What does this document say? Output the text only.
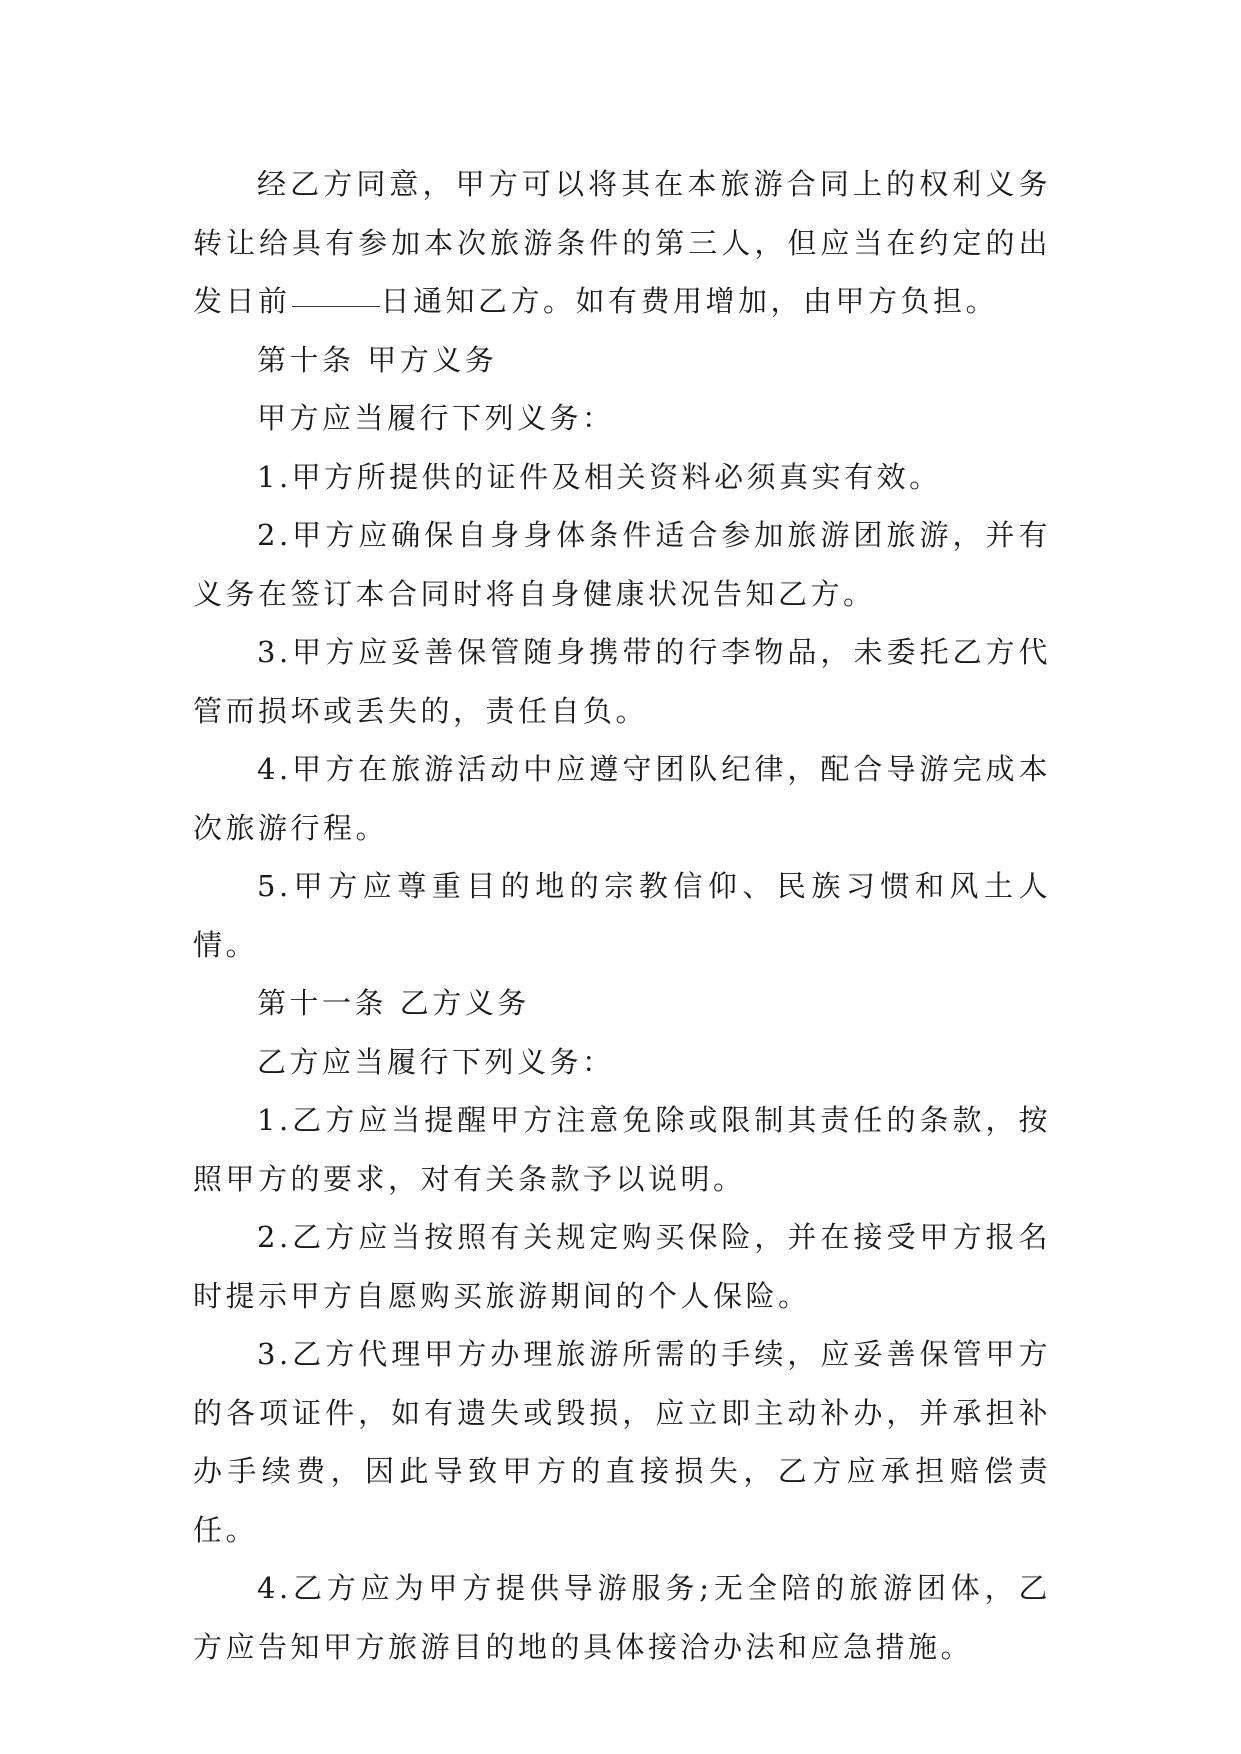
经乙方同意，甲方可以将其在本旅游合同上的权利义务转让给具有参加本次旅游条件的第三人，但应当在约定的出发日前	日通知乙方。如有费用增加，由甲方负担。

第十条 甲方义务

甲方应当履行下列义务：

1.甲方所提供的证件及相关资料必须真实有效。

2.甲方应确保自身身体条件适合参加旅游团旅游，并有义务在签订本合同时将自身健康状况告知乙方。

3.甲方应妥善保管随身携带的行李物品，未委托乙方代管而损坏或丢失的，责任自负。

4.甲方在旅游活动中应遵守团队纪律，配合导游完成本次旅游行程。

5.甲方应尊重目的地的宗教信仰、民族习惯和风土人情。

第十一条 乙方义务

乙方应当履行下列义务：

1.乙方应当提醒甲方注意免除或限制其责任的条款，按照甲方的要求，对有关条款予以说明。

2.乙方应当按照有关规定购买保险，并在接受甲方报名时提示甲方自愿购买旅游期间的个人保险。

3.乙方代理甲方办理旅游所需的手续，应妥善保管甲方的各项证件，如有遗失或毁损，应立即主动补办，并承担补办手续费，因此导致甲方的直接损失，乙方应承担赔偿责任。

4.乙方应为甲方提供导游服务;无全陪的旅游团体，乙方应告知甲方旅游目的地的具体接洽办法和应急措施。
